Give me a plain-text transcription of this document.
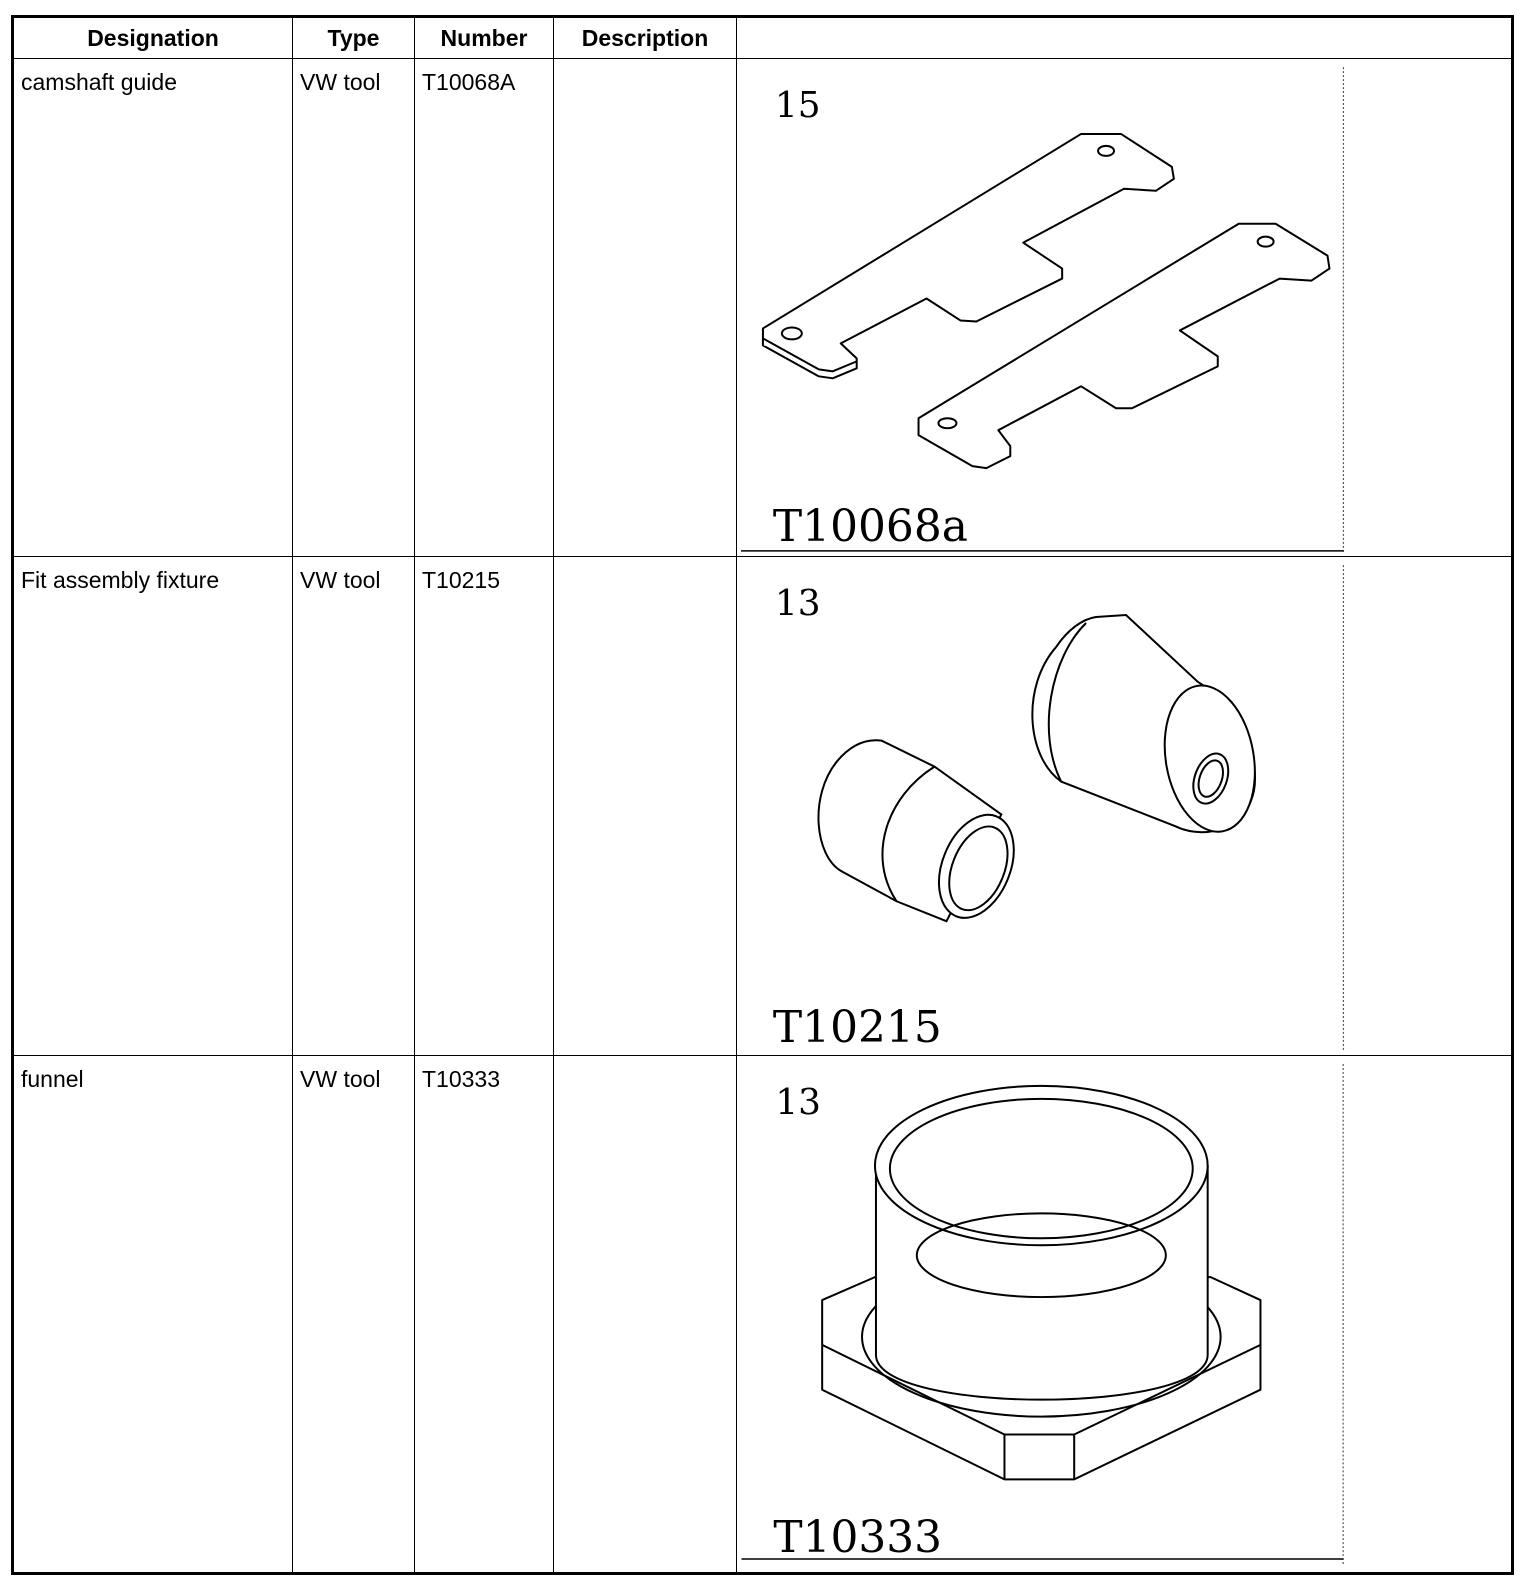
Designation	Type	Number	Description	

camshaft guide	VW tool	T10068A		15
T10068a

Fit assembly fixture	VW tool	T10215		13
T10215

funnel	VW tool	T10333		13
T10333
